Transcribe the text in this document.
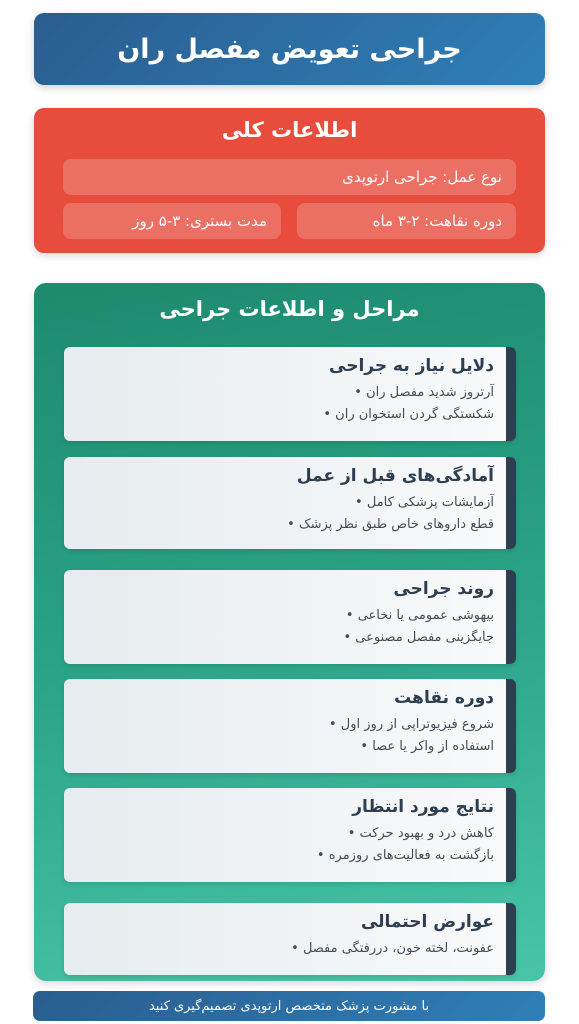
جراحی تعویض مفصل ران
اطلاعات کلی
نوع عمل: جراحی ارتوپدی
دوره نقاهت: ۲-۳ ماه
مدت بستری: ۳-۵ روز
مراحل و اطلاعات جراحی
دلایل نیاز به جراحی
آرتروز شدید مفصل ران •
شکستگی گردن استخوان ران •
آمادگی‌های قبل از عمل
آزمایشات پزشکی کامل •
قطع داروهای خاص طبق نظر پزشک •
روند جراحی
بیهوشی عمومی یا نخاعی •
جایگزینی مفصل مصنوعی •
دوره نقاهت
شروع فیزیوتراپی از روز اول •
استفاده از واکر یا عصا •
نتایج مورد انتظار
کاهش درد و بهبود حرکت •
بازگشت به فعالیت‌های روزمره •
عوارض احتمالی
عفونت، لخته خون، دررفتگی مفصل •
با مشورت پزشک متخصص ارتوپدی تصمیم‌گیری کنید
